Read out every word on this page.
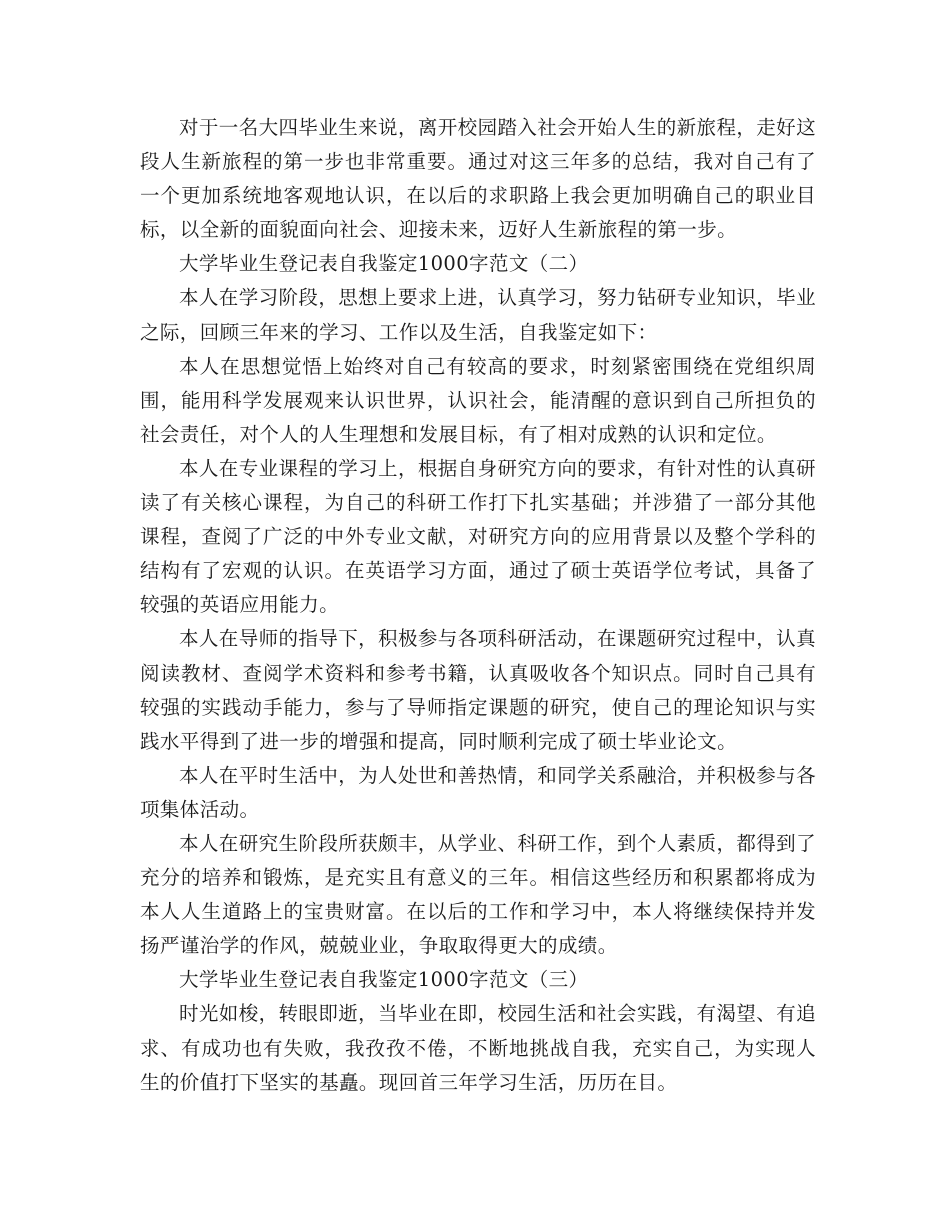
对于一名大四毕业生来说，离开校园踏入社会开始人生的新旅程，走好这段人生新旅程的第一步也非常重要。通过对这三年多的总结，我对自己有了一个更加系统地客观地认识，在以后的求职路上我会更加明确自己的职业目标，以全新的面貌面向社会、迎接未来，迈好人生新旅程的第一步。

大学毕业生登记表自我鉴定1000字范文（二）

本人在学习阶段，思想上要求上进，认真学习，努力钻研专业知识，毕业之际，回顾三年来的学习、工作以及生活，自我鉴定如下：

本人在思想觉悟上始终对自己有较高的要求，时刻紧密围绕在党组织周围，能用科学发展观来认识世界，认识社会，能清醒的意识到自己所担负的社会责任，对个人的人生理想和发展目标，有了相对成熟的认识和定位。

本人在专业课程的学习上，根据自身研究方向的要求，有针对性的认真研读了有关核心课程，为自己的科研工作打下扎实基础；并涉猎了一部分其他课程，查阅了广泛的中外专业文献，对研究方向的应用背景以及整个学科的结构有了宏观的认识。在英语学习方面，通过了硕士英语学位考试，具备了较强的英语应用能力。

本人在导师的指导下，积极参与各项科研活动，在课题研究过程中，认真阅读教材、查阅学术资料和参考书籍，认真吸收各个知识点。同时自己具有较强的实践动手能力，参与了导师指定课题的研究，使自己的理论知识与实践水平得到了进一步的增强和提高，同时顺利完成了硕士毕业论文。

本人在平时生活中，为人处世和善热情，和同学关系融洽，并积极参与各项集体活动。

本人在研究生阶段所获颇丰，从学业、科研工作，到个人素质，都得到了充分的培养和锻炼，是充实且有意义的三年。相信这些经历和积累都将成为本人人生道路上的宝贵财富。在以后的工作和学习中，本人将继续保持并发扬严谨治学的作风，兢兢业业，争取取得更大的成绩。

大学毕业生登记表自我鉴定1000字范文（三）

时光如梭，转眼即逝，当毕业在即，校园生活和社会实践，有渴望、有追求、有成功也有失败，我孜孜不倦，不断地挑战自我，充实自己，为实现人生的价值打下坚实的基矗。现回首三年学习生活，历历在目。
